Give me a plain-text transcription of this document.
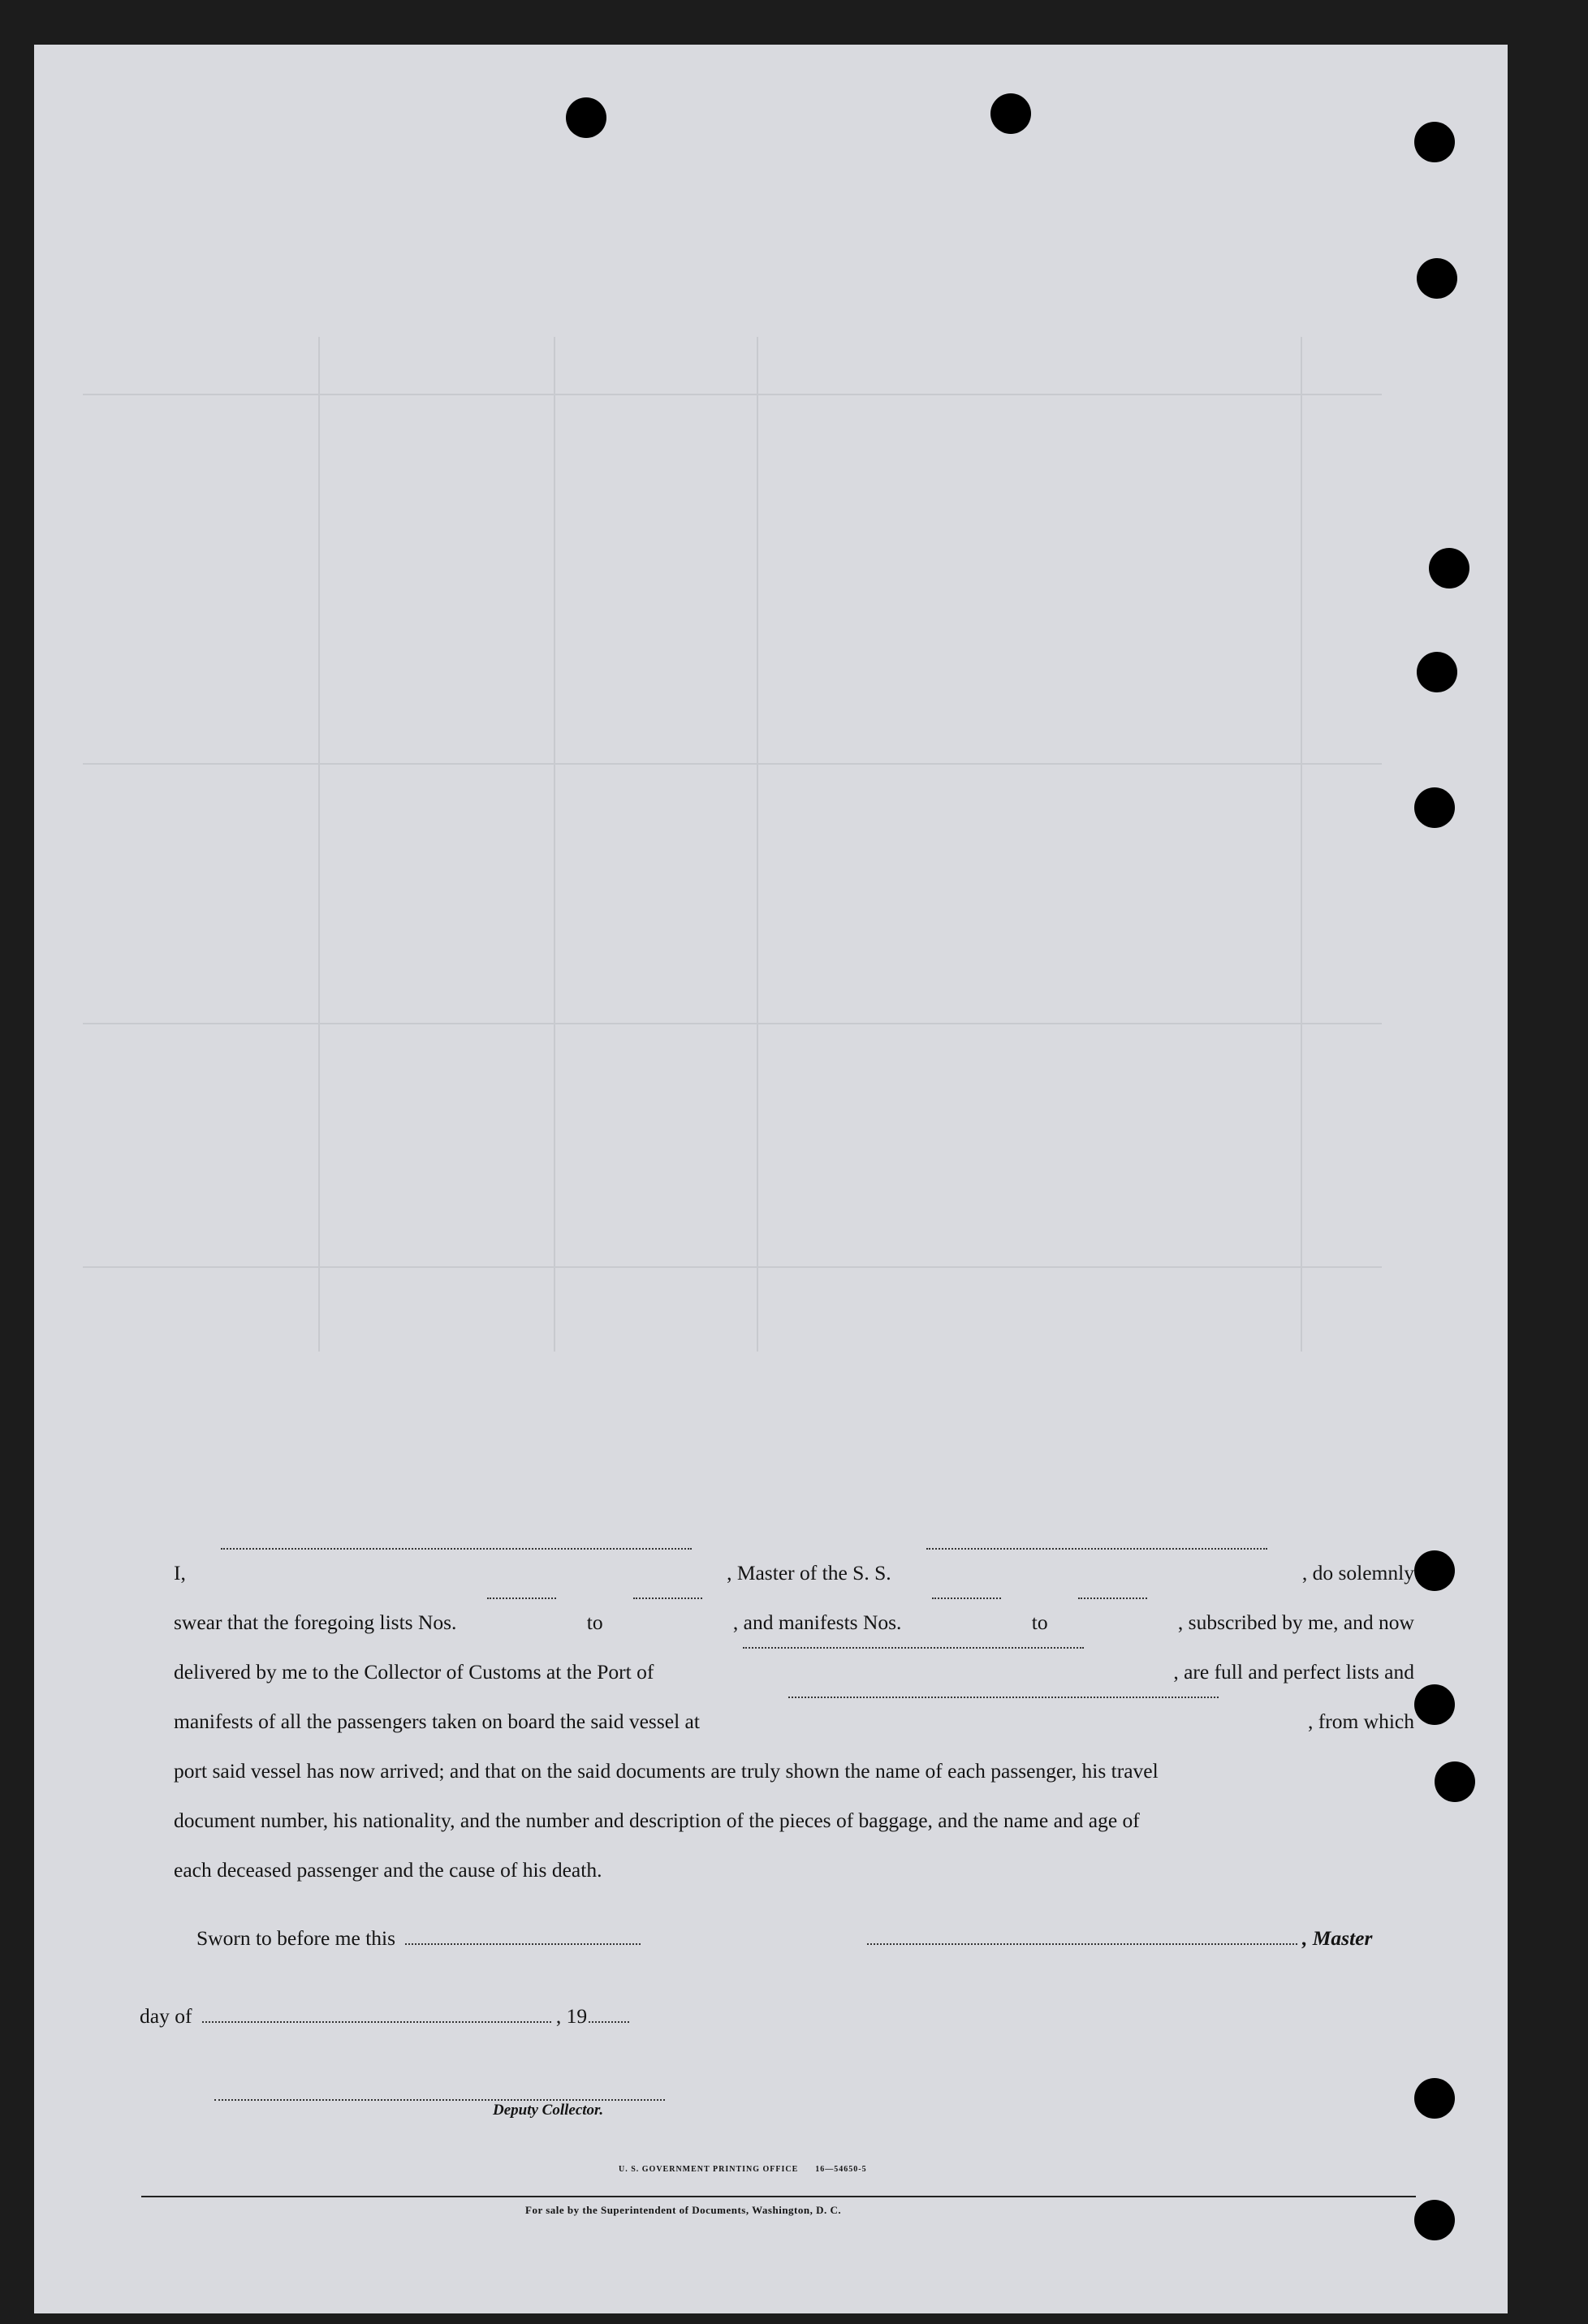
I,	, Master of the S. S.	, do solemnly
swear that the foregoing lists Nos.	to	, and manifests Nos.	to	, subscribed by me, and now
delivered by me to the Collector of Customs at the Port of	, are full and perfect lists and
manifests of all the passengers taken on board the said vessel at	, from which
port said vessel has now arrived; and that on the said documents are truly shown the name of each passenger, his travel
document number, his nationality, and the number and description of the pieces of baggage, and the name and age of
each deceased passenger and the cause of his death.
Sworn to before me this	, Master
day of	, 19
Deputy Collector.
U. S. GOVERNMENT PRINTING OFFICE 16—54650-5
For sale by the Superintendent of Documents, Washington, D. C.
